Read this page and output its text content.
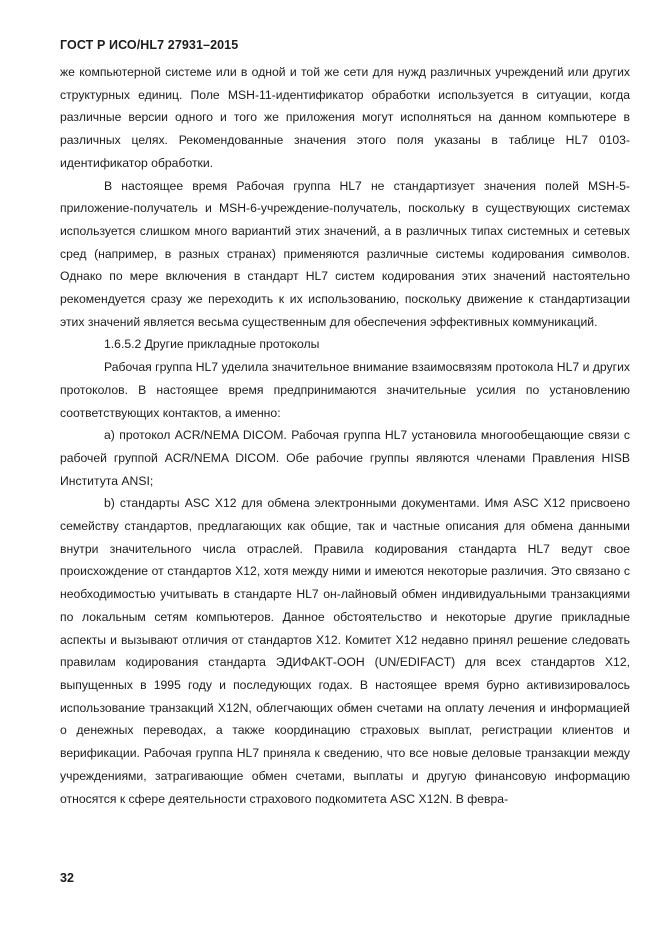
ГОСТ Р ИСО/HL7 27931–2015

же компьютерной системе или в одной и той же сети для нужд различных учреждений или других структурных единиц. Поле MSH-11-идентификатор обработки используется в ситуации, когда различные версии одного и того же приложения могут исполняться на данном компьютере в различных целях. Рекомендованные значения этого поля указаны в таблице HL7 0103-идентификатор обработки.

В настоящее время Рабочая группа HL7 не стандартизует значения полей MSH-5-приложение-получатель и MSH-6-учреждение-получатель, поскольку в существующих системах используется слишком много вариантий этих значений, а в различных типах системных и сетевых сред (например, в разных странах) применяются различные системы кодирования символов. Однако по мере включения в стандарт HL7 систем кодирования этих значений настоятельно рекомендуется сразу же переходить к их использованию, поскольку движение к стандартизации этих значений является весьма существенным для обеспечения эффективных коммуникаций.

1.6.5.2 Другие прикладные протоколы

Рабочая группа HL7 уделила значительное внимание взаимосвязям протокола HL7 и других протоколов. В настоящее время предпринимаются значительные усилия по установлению соответствующих контактов, а именно:

a) протокол ACR/NEMA DICOM. Рабочая группа HL7 установила многообещающие связи с рабочей группой ACR/NEMA DICOM. Обе рабочие группы являются членами Правления HISB Института ANSI;

b) стандарты ASC X12 для обмена электронными документами. Имя ASC X12 присвоено семейству стандартов, предлагающих как общие, так и частные описания для обмена данными внутри значительного числа отраслей. Правила кодирования стандарта HL7 ведут свое происхождение от стандартов X12, хотя между ними и имеются некоторые различия. Это связано с необходимостью учитывать в стандарте HL7 он-лайновый обмен индивидуальными транзакциями по локальным сетям компьютеров. Данное обстоятельство и некоторые другие прикладные аспекты и вызывают отличия от стандартов X12. Комитет X12 недавно принял решение следовать правилам кодирования стандарта ЭДИФАКТ-ООН (UN/EDIFACT) для всех стандартов X12, выпущенных в 1995 году и последующих годах. В настоящее время бурно активизировалось использование транзакций X12N, облегчающих обмен счетами на оплату лечения и информацией о денежных переводах, а также координацию страховых выплат, регистрации клиентов и верификации. Рабочая группа HL7 приняла к сведению, что все новые деловые транзакции между учреждениями, затрагивающие обмен счетами, выплаты и другую финансовую информацию относятся к сфере деятельности страхового подкомитета ASC X12N. В февра-

32
